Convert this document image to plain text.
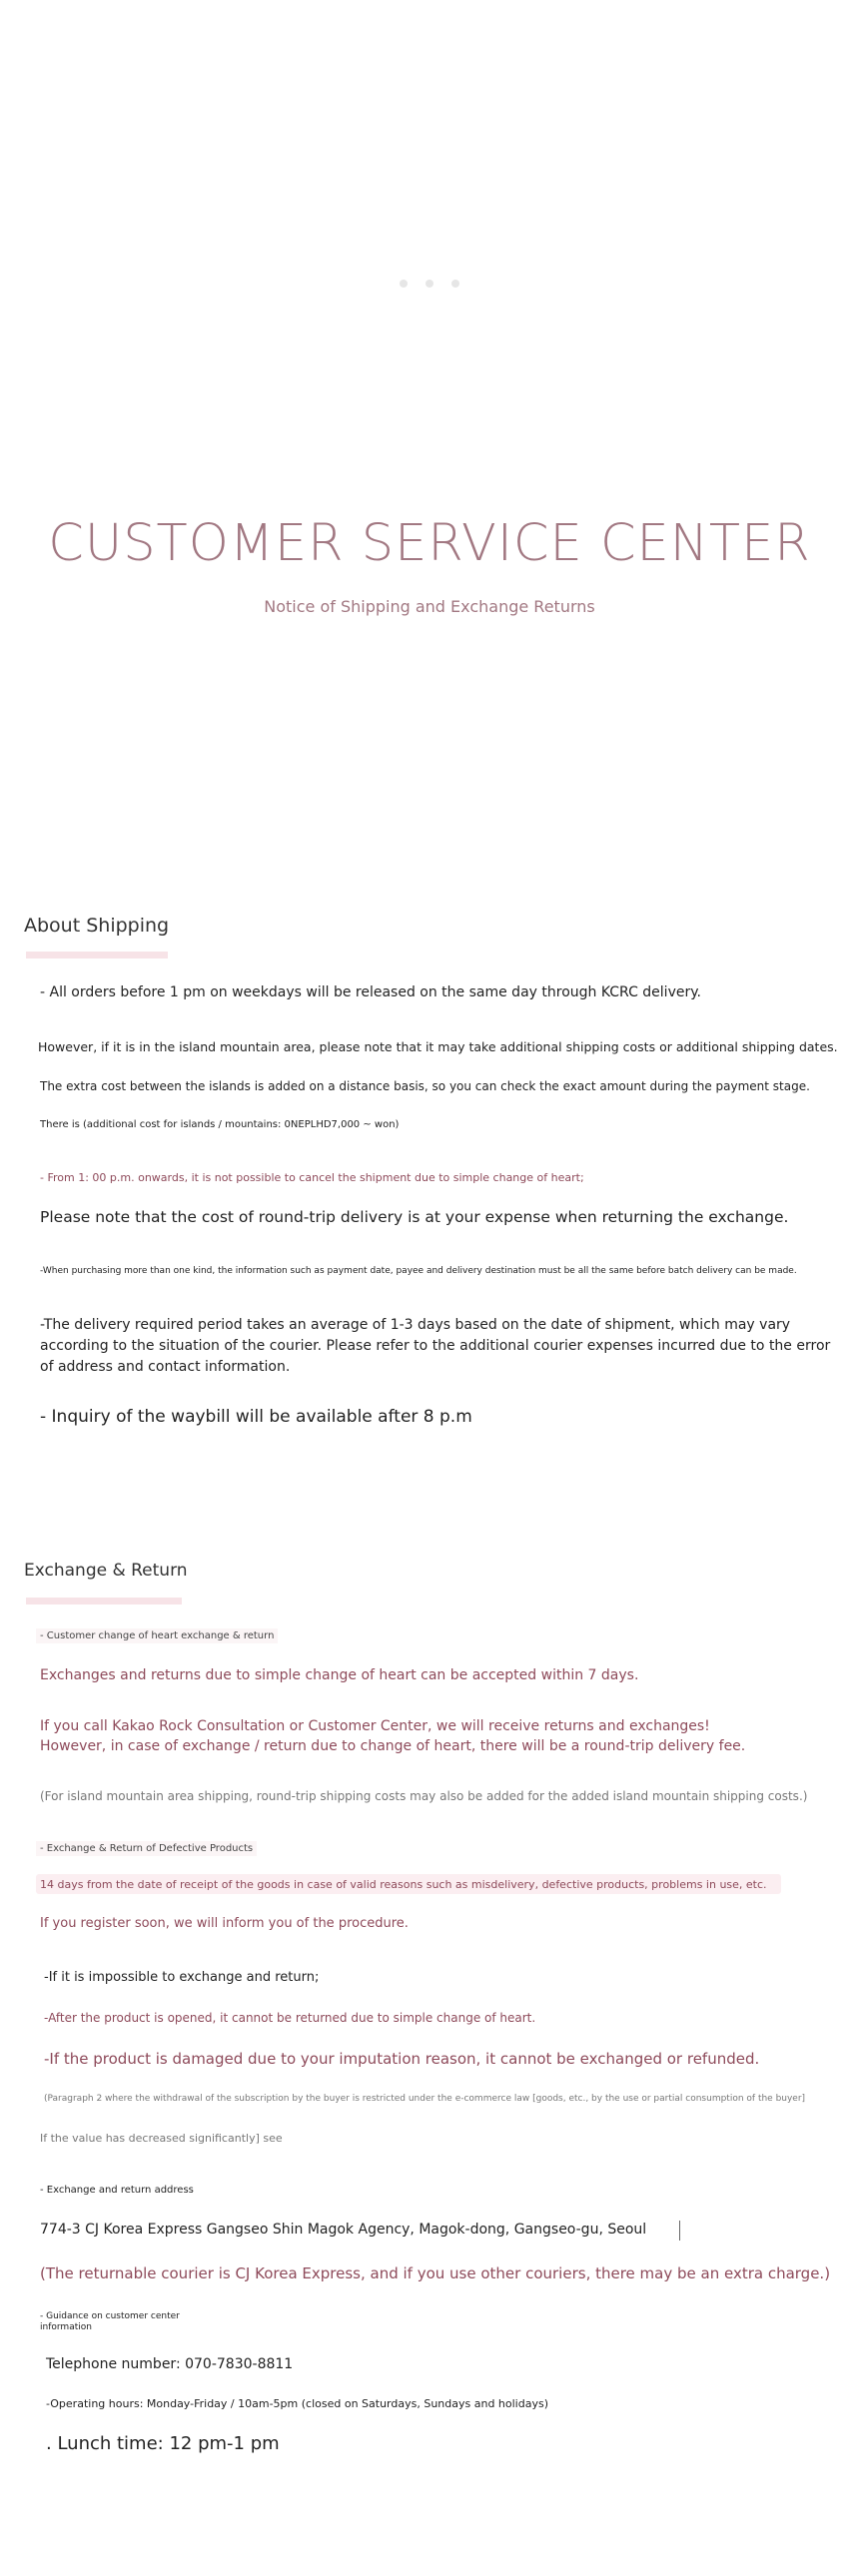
CUSTOMER SERVICE CENTER
Notice of Shipping and Exchange Returns
About Shipping
- All orders before 1 pm on weekdays will be released on the same day through KCRC delivery.
However, if it is in the island mountain area, please note that it may take additional shipping costs or additional shipping dates.
The extra cost between the islands is added on a distance basis, so you can check the exact amount during the payment stage.
There is (additional cost for islands / mountains: 0NEPLHD7,000 ~ won)
- From 1: 00 p.m. onwards, it is not possible to cancel the shipment due to simple change of heart;
Please note that the cost of round-trip delivery is at your expense when returning the exchange.
-When purchasing more than one kind, the information such as payment date, payee and delivery destination must be all the same before batch delivery can be made.
-The delivery required period takes an average of 1-3 days based on the date of shipment, which may vary according to the situation of the courier. Please refer to the additional courier expenses incurred due to the error of address and contact information.
- Inquiry of the waybill will be available after 8 p.m
Exchange & Return
- Customer change of heart exchange & return
Exchanges and returns due to simple change of heart can be accepted within 7 days.
If you call Kakao Rock Consultation or Customer Center, we will receive returns and exchanges!
However, in case of exchange / return due to change of heart, there will be a round-trip delivery fee.
(For island mountain area shipping, round-trip shipping costs may also be added for the added island mountain shipping costs.)
- Exchange & Return of Defective Products
14 days from the date of receipt of the goods in case of valid reasons such as misdelivery, defective products, problems in use, etc.
If you register soon, we will inform you of the procedure.
-If it is impossible to exchange and return;
-After the product is opened, it cannot be returned due to simple change of heart.
-If the product is damaged due to your imputation reason, it cannot be exchanged or refunded.
(Paragraph 2 where the withdrawal of the subscription by the buyer is restricted under the e-commerce law [goods, etc., by the use or partial consumption of the buyer]
If the value has decreased significantly] see
- Exchange and return address
774-3 CJ Korea Express Gangseo Shin Magok Agency, Magok-dong, Gangseo-gu, Seoul
(The returnable courier is CJ Korea Express, and if you use other couriers, there may be an extra charge.)
- Guidance on customer center information
Telephone number: 070-7830-8811
-Operating hours: Monday-Friday / 10am-5pm (closed on Saturdays, Sundays and holidays)
. Lunch time: 12 pm-1 pm
